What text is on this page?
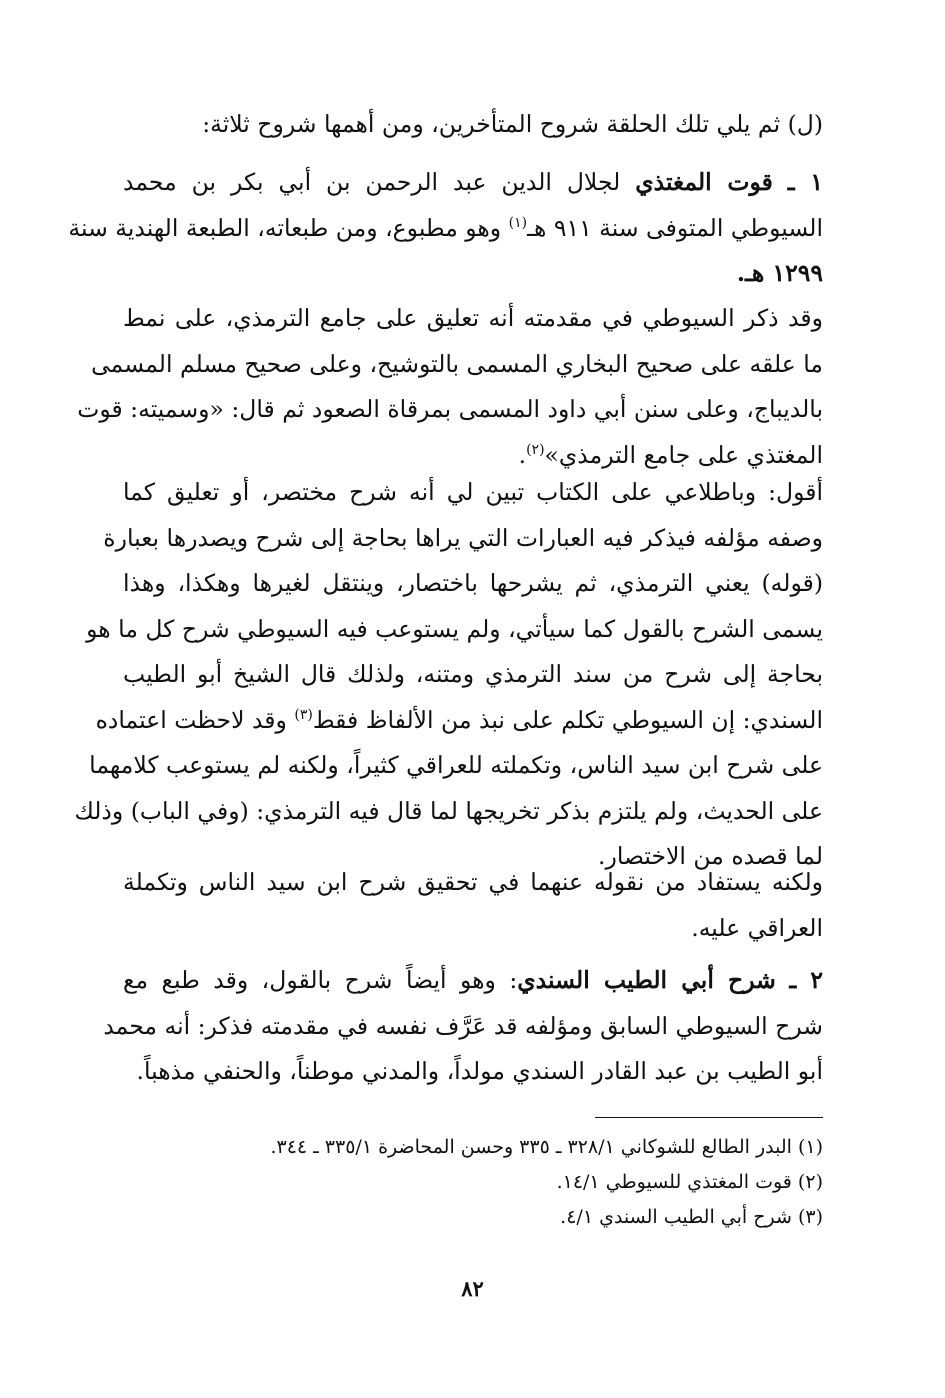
(ل) ثم يلي تلك الحلقة شروح المتأخرين، ومن أهمها شروح ثلاثة:
١ ـ قوت المغتذي لجلال الدين عبد الرحمن بن أبي بكر بن محمد
السيوطي المتوفى سنة ٩١١ هـ$^{(١)}$ وهو مطبوع، ومن طبعاته، الطبعة الهندية سنة
١٢٩٩ هـ.
وقد ذكر السيوطي في مقدمته أنه تعليق على جامع الترمذي، على نمط
ما علقه على صحيح البخاري المسمى بالتوشيح، وعلى صحيح مسلم المسمى
بالديباج، وعلى سنن أبي داود المسمى بمرقاة الصعود ثم قال: «وسميته: قوت
المغتذي على جامع الترمذي»$^{(٢)}$.
أقول: وباطلاعي على الكتاب تبين لي أنه شرح مختصر، أو تعليق كما
وصفه مؤلفه فيذكر فيه العبارات التي يراها بحاجة إلى شرح ويصدرها بعبارة
(قوله) يعني الترمذي، ثم يشرحها باختصار، وينتقل لغيرها وهكذا، وهذا
يسمى الشرح بالقول كما سيأتي، ولم يستوعب فيه السيوطي شرح كل ما هو
بحاجة إلى شرح من سند الترمذي ومتنه، ولذلك قال الشيخ أبو الطيب
السندي: إن السيوطي تكلم على نبذ من الألفاظ فقط$^{(٣)}$ وقد لاحظت اعتماده
على شرح ابن سيد الناس، وتكملته للعراقي كثيراً، ولكنه لم يستوعب كلامهما
على الحديث، ولم يلتزم بذكر تخريجها لما قال فيه الترمذي: (وفي الباب) وذلك
لما قصده من الاختصار.
ولكنه يستفاد من نقوله عنهما في تحقيق شرح ابن سيد الناس وتكملة
العراقي عليه.
٢ ـ شرح أبي الطيب السندي: وهو أيضاً شرح بالقول، وقد طبع مع
شرح السيوطي السابق ومؤلفه قد عَرَّف نفسه في مقدمته فذكر: أنه محمد
أبو الطيب بن عبد القادر السندي مولداً، والمدني موطناً، والحنفي مذهباً.
(١) البدر الطالع للشوكاني ٣٢٨/١ ـ ٣٣٥ وحسن المحاضرة ٣٣٥/١ ـ ٣٤٤.
(٢) قوت المغتذي للسيوطي ١٤/١.
(٣) شرح أبي الطيب السندي ٤/١.
٨٢
